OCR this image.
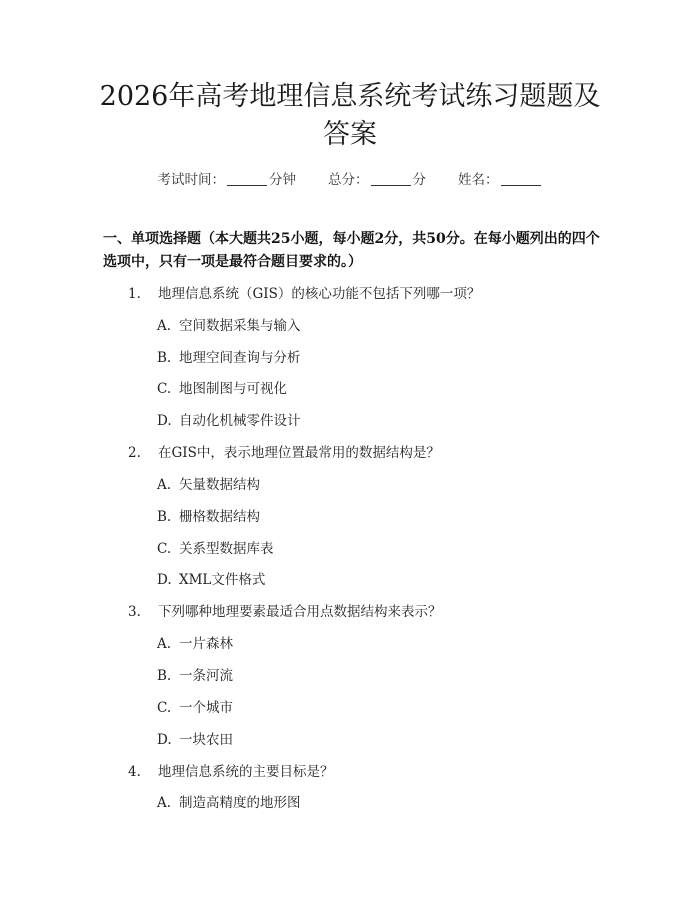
2026年高考地理信息系统考试练习题题及答案
考试时间：	分钟 总分：	分 姓名：

一、单项选择题（本大题共25小题，每小题2分，共50分。在每小题列出的四个选项中，只有一项是最符合题目要求的。）

1. 地理信息系统（GIS）的核心功能不包括下列哪一项？
A. 空间数据采集与输入
B. 地理空间查询与分析
C. 地图制图与可视化
D. 自动化机械零件设计
2. 在GIS中，表示地理位置最常用的数据结构是？
A. 矢量数据结构
B. 栅格数据结构
C. 关系型数据库表
D. XML文件格式
3. 下列哪种地理要素最适合用点数据结构来表示？
A. 一片森林
B. 一条河流
C. 一个城市
D. 一块农田
4. 地理信息系统的主要目标是？
A. 制造高精度的地形图
